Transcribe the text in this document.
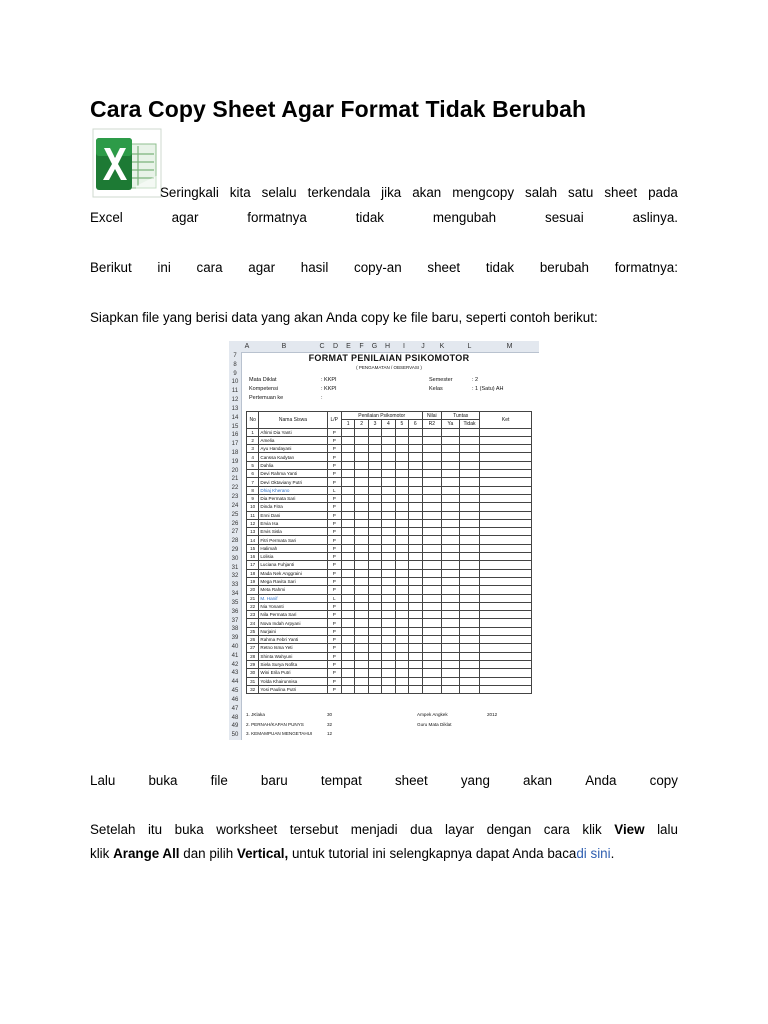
Cara Copy Sheet Agar Format Tidak Berubah
Seringkali kita selalu terkendala jika akan mengcopy salah satu sheet pada
Excel	agar	formatnya	tidak	mengubah	sesuai	aslinya.
Berikut ini cara agar hasil copy-an sheet tidak berubah formatnya:
Siapkan file yang berisi data yang akan Anda copy ke file baru, seperti contoh berikut:
A	B	C	D	E	F	G	H	I	J	K	L	M
7
8
9
10
11
12
13
14
15
16
17
18
19
20
21
22
23
24
25
26
27
28
29
30
31
32
33
34
35
36
37
38
39
40
41
42
43
44
45
46
47
48
49
50
FORMAT PENILAIAN PSIKOMOTOR
( PENGAMATAN / OBSERVASI )
Mata Diklat	: KKPI
Kompetensi	: KKPI
Pertemuan ke	:
Semester	: 2
Kelas	: 1 (Satu) AH
No	Nama Siswa	L/P	Penilaian Psikomotor						Nilai	Tuntas		Ket
			1	2	3	4	5	6	R2	Ya	Tidak	
1	Afrimi Dia Yanti	P										
2	Amelia	P										
3	Ayu Handayani	P										
4	Canssa Kadytan	P										
5	Dahlia	P										
6	Devi Rahma Yanti	P										
7	Devi Oktaviany Putri	P										
8	Dhiaj Kherano	L										
9	Dia Permata Sari	P										
10	Dinda Fitra	P										
11	Enni Dani	P										
12	Ervia Isa	P										
13	Ervis Sisla	P										
14	Fitri Permata Sari	P										
15	Halimah	P										
16	Lolisia	P										
17	Luciana Fuhjanti	P										
18	Mada Nek Anggraini	P										
19	Mega Ravita Sari	P										
20	Meta Rahmi	P										
21	M. Hanif	L										
22	Nia Yonanti	P										
23	Nila Permata Sari	P										
24	Nova Indah Arpyani	P										
25	Nurjaini	P										
26	Rahma Febri Yanti	P										
27	Retno Isma Yeti	P										
28	Shinta Wahyuni	P										
29	Siela Surya Nofita	P										
30	Wini Erila Putri	P										
31	Yolda Khairunnisa	P										
32	Yosi Paulina Putri	P										
1. JKlaka	30	Ampek Angkek	2012
2. PERNAH/KAPAN PUNYS	32	Guru Mata Diklat
3. KEMAMPUAN MENGETAHUI	12
Lalu buka file baru tempat sheet yang akan Anda copy
Setelah itu buka worksheet tersebut menjadi dua layar dengan cara klik View lalu
klik Arange All dan pilih Vertical, untuk tutorial ini selengkapnya dapat Anda bacadi sini.
